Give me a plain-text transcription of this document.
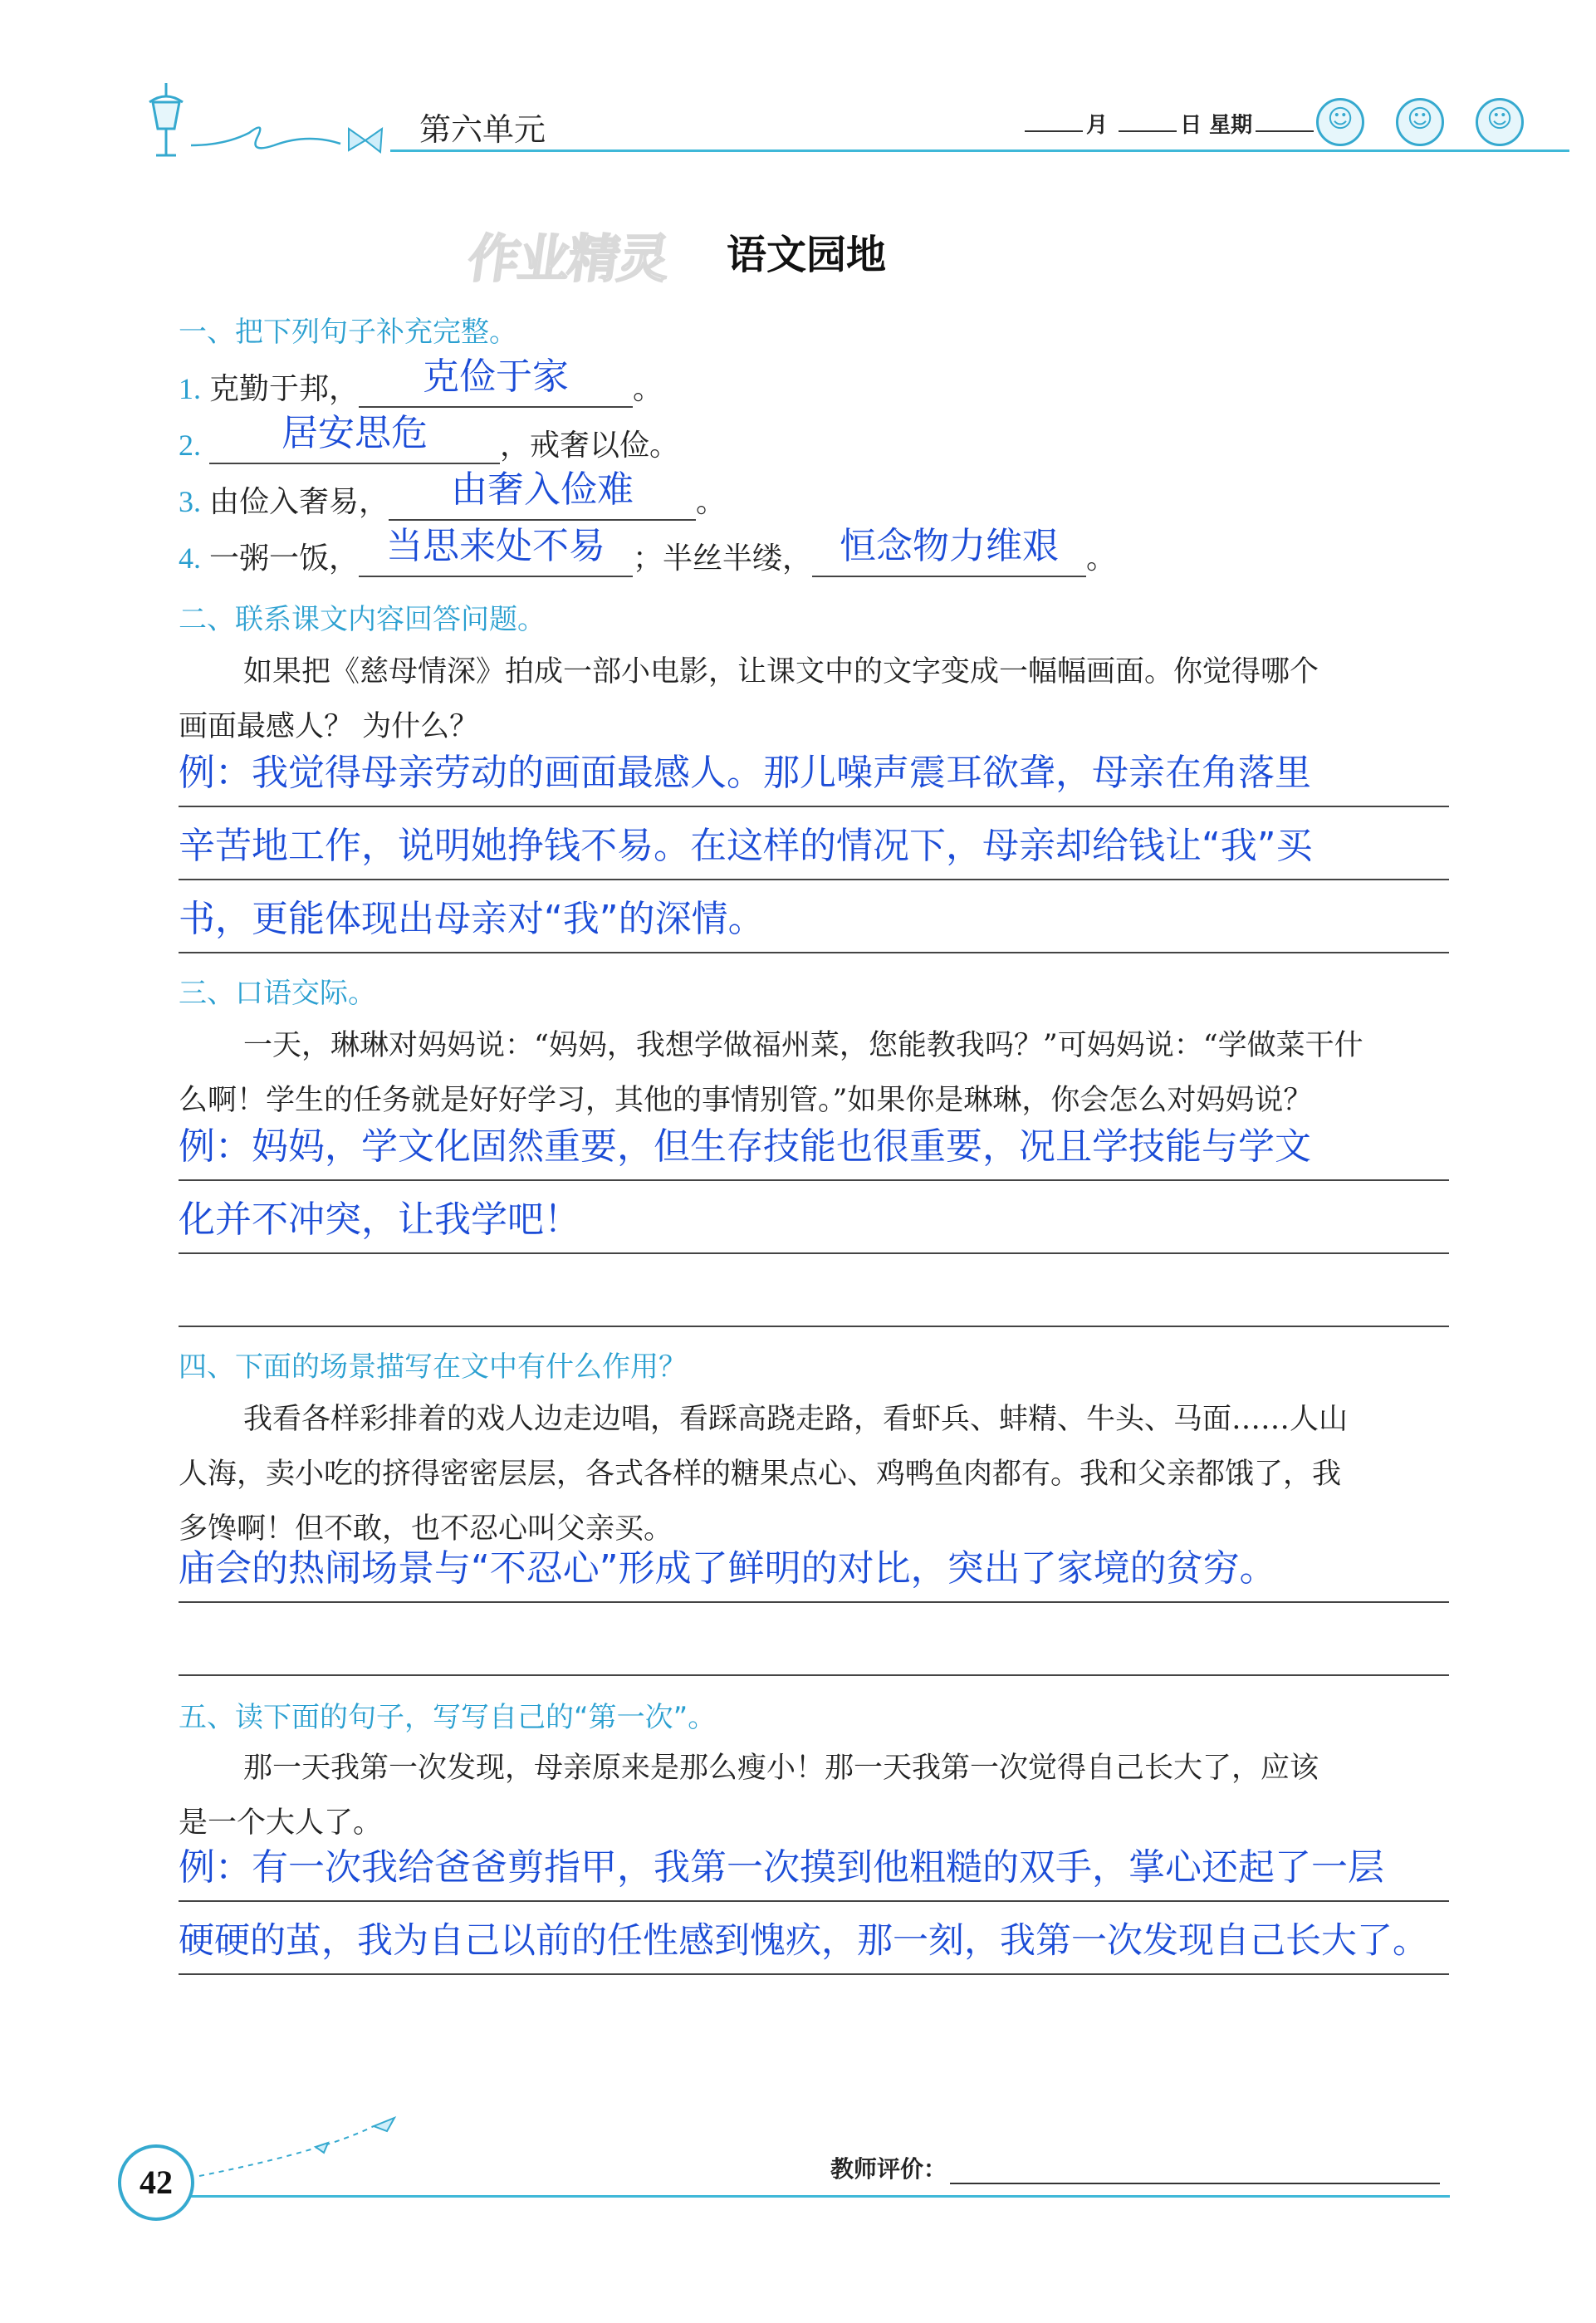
第六单元	月	日 星期	☺ ☺ ☺
作业精灵 语文园地
一、把下列句子补充完整。
1. 克勤于邦，	克俭于家	。
2.	居安思危	，戒奢以俭。
3. 由俭入奢易，	由奢入俭难	。
4. 一粥一饭， 当思来处不易 ；半丝半缕， 恒念物力维艰 。
二、联系课文内容回答问题。
如果把《慈母情深》拍成一部小电影，让课文中的文字变成一幅幅画面。你觉得哪个
画面最感人？ 为什么？
例：我觉得母亲劳动的画面最感人。那儿噪声震耳欲聋，母亲在角落里
辛苦地工作，说明她挣钱不易。在这样的情况下，母亲却给钱让“我”买
书，更能体现出母亲对“我”的深情。
三、口语交际。
一天，琳琳对妈妈说：“妈妈，我想学做福州菜，您能教我吗？”可妈妈说：“学做菜干什
么啊！学生的任务就是好好学习，其他的事情别管。”如果你是琳琳，你会怎么对妈妈说？
例：妈妈，学文化固然重要，但生存技能也很重要，况且学技能与学文
化并不冲突，让我学吧！
四、下面的场景描写在文中有什么作用？
我看各样彩排着的戏人边走边唱，看踩高跷走路，看虾兵、蚌精、牛头、马面……人山
人海，卖小吃的挤得密密层层，各式各样的糖果点心、鸡鸭鱼肉都有。我和父亲都饿了，我
多馋啊！但不敢，也不忍心叫父亲买。
庙会的热闹场景与“不忍心”形成了鲜明的对比，突出了家境的贫穷。
五、读下面的句子，写写自己的“第一次”。
那一天我第一次发现，母亲原来是那么瘦小！那一天我第一次觉得自己长大了，应该
是一个大人了。
例：有一次我给爸爸剪指甲，我第一次摸到他粗糙的双手，掌心还起了一层
硬硬的茧，我为自己以前的任性感到愧疚，那一刻，我第一次发现自己长大了。
42	教师评价：
